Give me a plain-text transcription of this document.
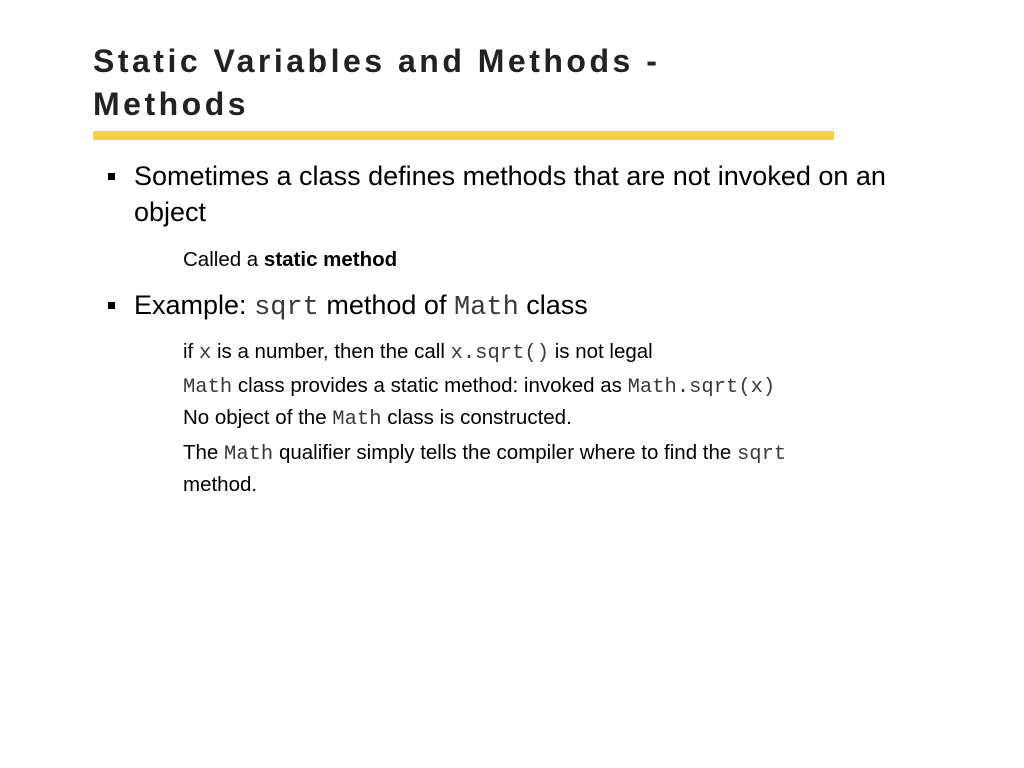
Static Variables and Methods -
Methods
Sometimes a class defines methods that are not invoked on an object
Called a static method
Example: sqrt method of Math class
if x is a number, then the call x.sqrt() is not legal
Math class provides a static method: invoked as Math.sqrt(x)
No object of the Math class is constructed.
The Math qualifier simply tells the compiler where to find the sqrt method.
